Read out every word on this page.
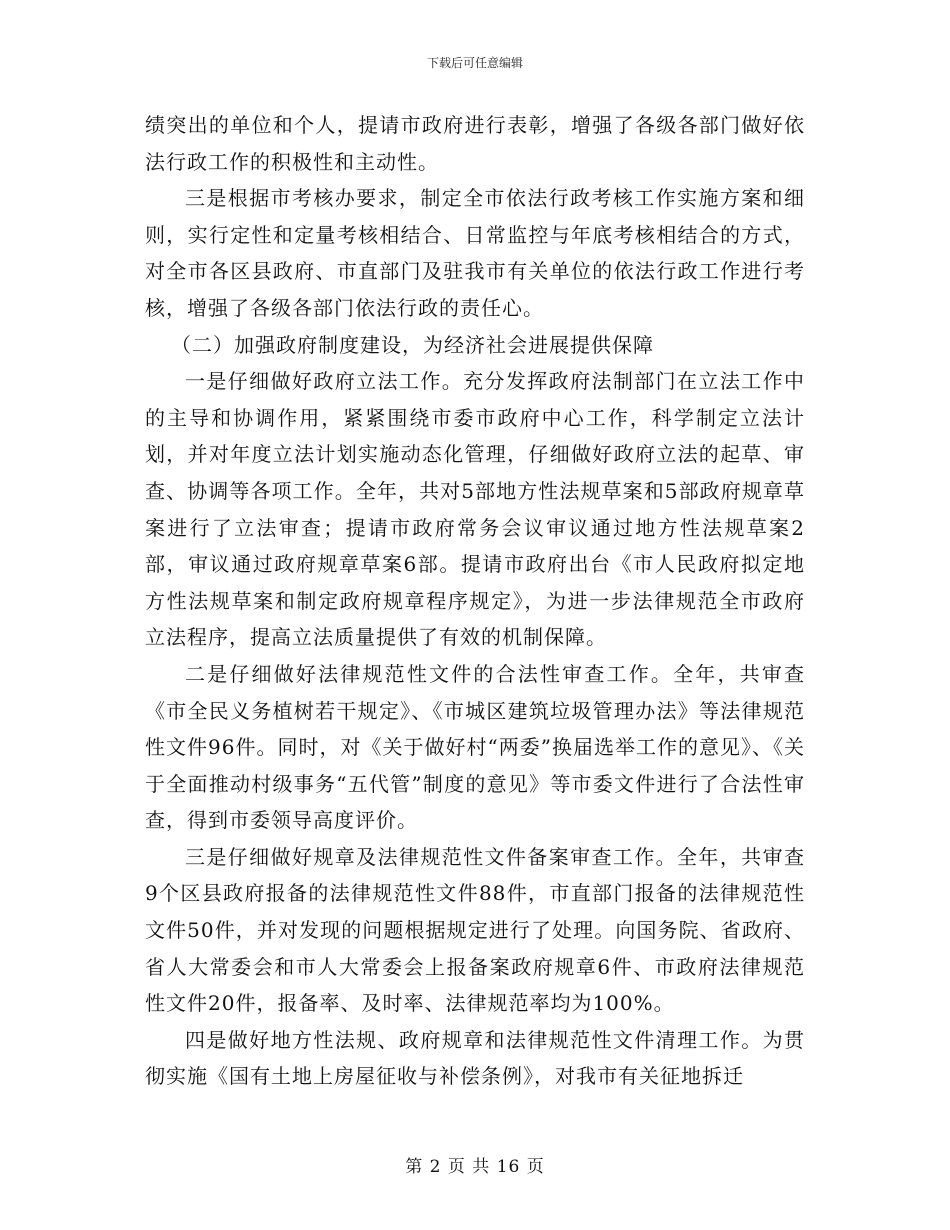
下载后可任意编辑

绩突出的单位和个人，提请市政府进行表彰，增强了各级各部门做好依法行政工作的积极性和主动性。

三是根据市考核办要求，制定全市依法行政考核工作实施方案和细则，实行定性和定量考核相结合、日常监控与年底考核相结合的方式，对全市各区县政府、市直部门及驻我市有关单位的依法行政工作进行考核，增强了各级各部门依法行政的责任心。

（二）加强政府制度建设，为经济社会进展提供保障

一是仔细做好政府立法工作。充分发挥政府法制部门在立法工作中的主导和协调作用，紧紧围绕市委市政府中心工作，科学制定立法计划，并对年度立法计划实施动态化管理，仔细做好政府立法的起草、审查、协调等各项工作。全年，共对5部地方性法规草案和5部政府规章草案进行了立法审查；提请市政府常务会议审议通过地方性法规草案2部，审议通过政府规章草案6部。提请市政府出台《市人民政府拟定地方性法规草案和制定政府规章程序规定》，为进一步法律规范全市政府立法程序，提高立法质量提供了有效的机制保障。

二是仔细做好法律规范性文件的合法性审查工作。全年，共审查《市全民义务植树若干规定》、《市城区建筑垃圾管理办法》等法律规范性文件96件。同时，对《关于做好村“两委”换届选举工作的意见》、《关于全面推动村级事务“五代管”制度的意见》等市委文件进行了合法性审查，得到市委领导高度评价。

三是仔细做好规章及法律规范性文件备案审查工作。全年，共审查9个区县政府报备的法律规范性文件88件，市直部门报备的法律规范性文件50件，并对发现的问题根据规定进行了处理。向国务院、省政府、省人大常委会和市人大常委会上报备案政府规章6件、市政府法律规范性文件20件，报备率、及时率、法律规范率均为100%。

四是做好地方性法规、政府规章和法律规范性文件清理工作。为贯彻实施《国有土地上房屋征收与补偿条例》，对我市有关征地拆迁

第 2 页 共 16 页
